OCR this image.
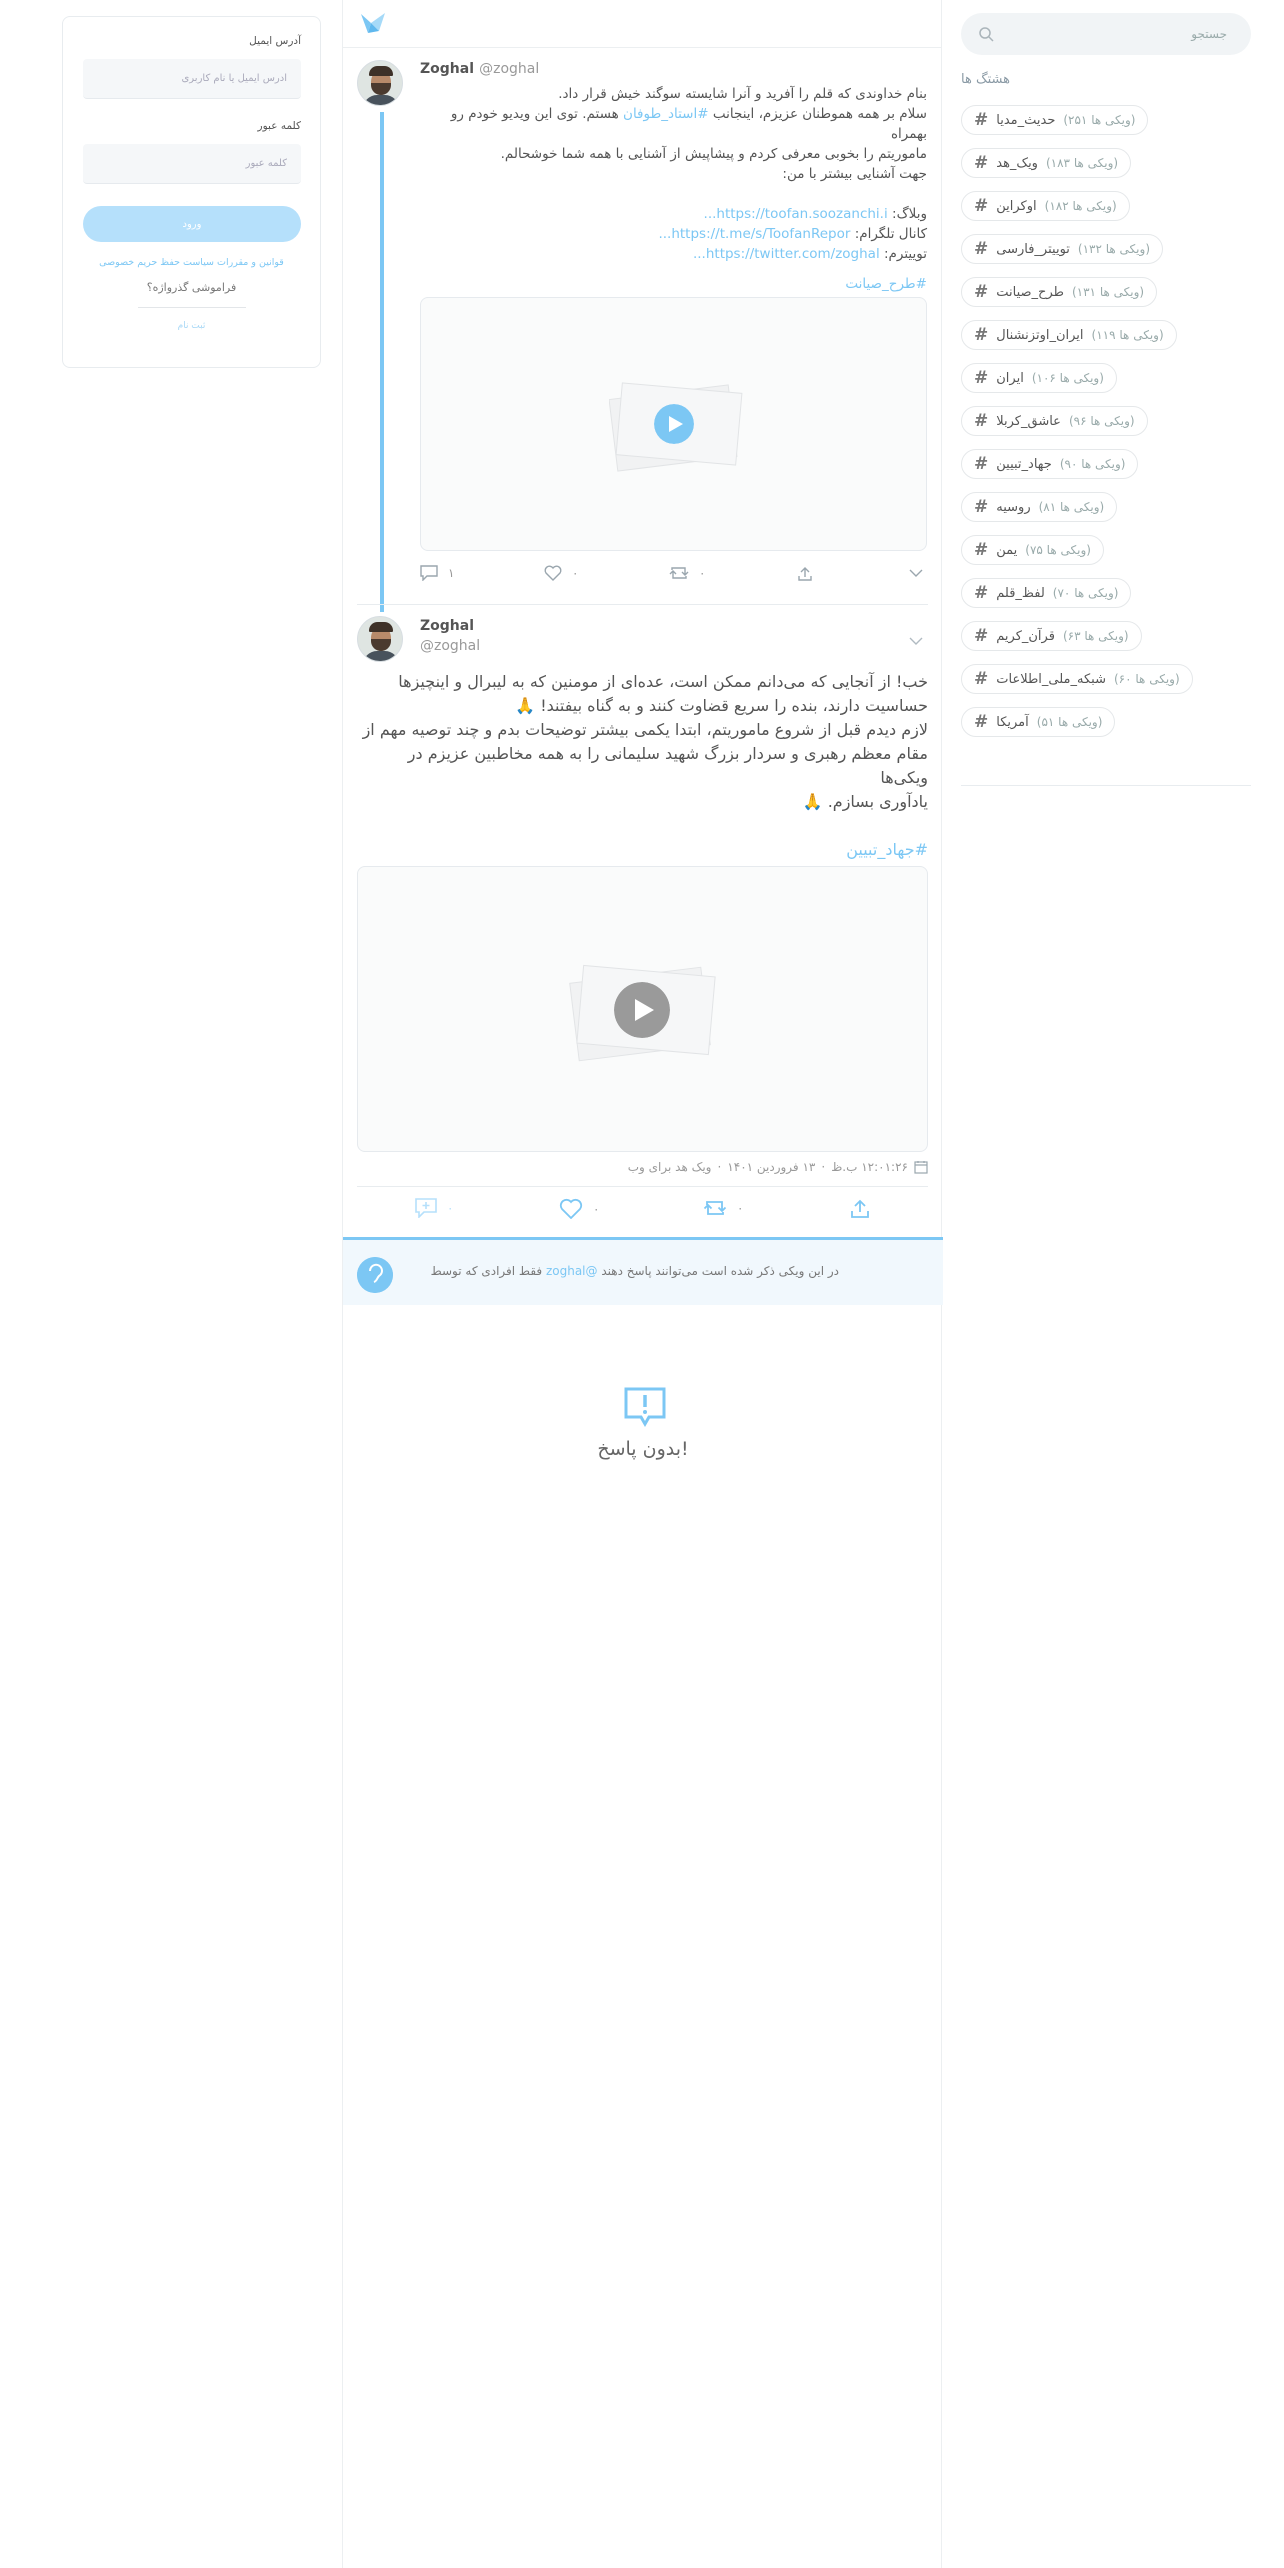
آدرس ایمیل
آدرس ایمیل یا نام کاربری
کلمه عبور
ورود
قوانین و مقررات سیاست حفظ حریم خصوصی
فراموشی گذرواژه؟
ثبت نام
Zoghal @zoghal
بنام خداوندی که قلم را آفرید و آنرا شایسته سوگند خیش قرار داد.
سلام بر همه هموطنان عزیزم، اینجانب #استاد_طوفان هستم. توی این ویدیو خودم رو بهمراه
ماموریتم را بخوبی معرفی کردم و پیشاپیش از آشنایی با همه شما خوشحالم.
جهت آشنایی بیشتر با من:
وبلاگ: https://toofan.soozanchi.i...
کانال تلگرام: https://t.me/s/ToofanRepor...
توییترم: https://twitter.com/zoghal...
#طرح_صیانت
۱	۰	۰
Zoghal
@zoghal
خب! از آنجایی که می‌دانم ممکن است، عده‌ای از مومنین که به لیبرال و اینچیزها
حساسیت دارند، بنده را سریع قضاوت کنند و به گناه بیفتند! 🙏
لازم دیدم قبل از شروع ماموریتم، ابتدا یکمی بیشتر توضیحات بدم و چند توصیه مهم از
مقام معظم رهبری و سردار بزرگ شهید سلیمانی را به همه مخاطبین عزیزم در ویکی‌ها
یادآوری بسازم. 🙏
#جهاد_تبیین
۱۲:۰۱:۲۶ ب.ظ
·
۱۳ فروردین ۱۴۰۱
·
ویک هد برای وب
۰	۰	۰
در این ویکی ذکر شده است می‌توانند پاسخ دهند @zoghal فقط افرادی که توسط
بدون پاسخ!
جستجو
هشتگ ها
# حدیث_مدیا (۲۵۱ ویکی ها)
# ویک_هد (۱۸۳ ویکی ها)
# اوکراین (۱۸۲ ویکی ها)
# توییتر_فارسی (۱۳۲ ویکی ها)
# طرح_صیانت (۱۳۱ ویکی ها)
# ایران_اوتزنشنال (۱۱۹ ویکی ها)
# ایران (۱۰۶ ویکی ها)
# عاشق_کربلا (۹۶ ویکی ها)
# جهاد_تبیین (۹۰ ویکی ها)
# روسیه (۸۱ ویکی ها)
# یمن (۷۵ ویکی ها)
# لفظ_قلم (۷۰ ویکی ها)
# قرآن_کریم (۶۳ ویکی ها)
# شبکه_ملی_اطلاعات (۶۰ ویکی ها)
# آمریکا (۵۱ ویکی ها)
